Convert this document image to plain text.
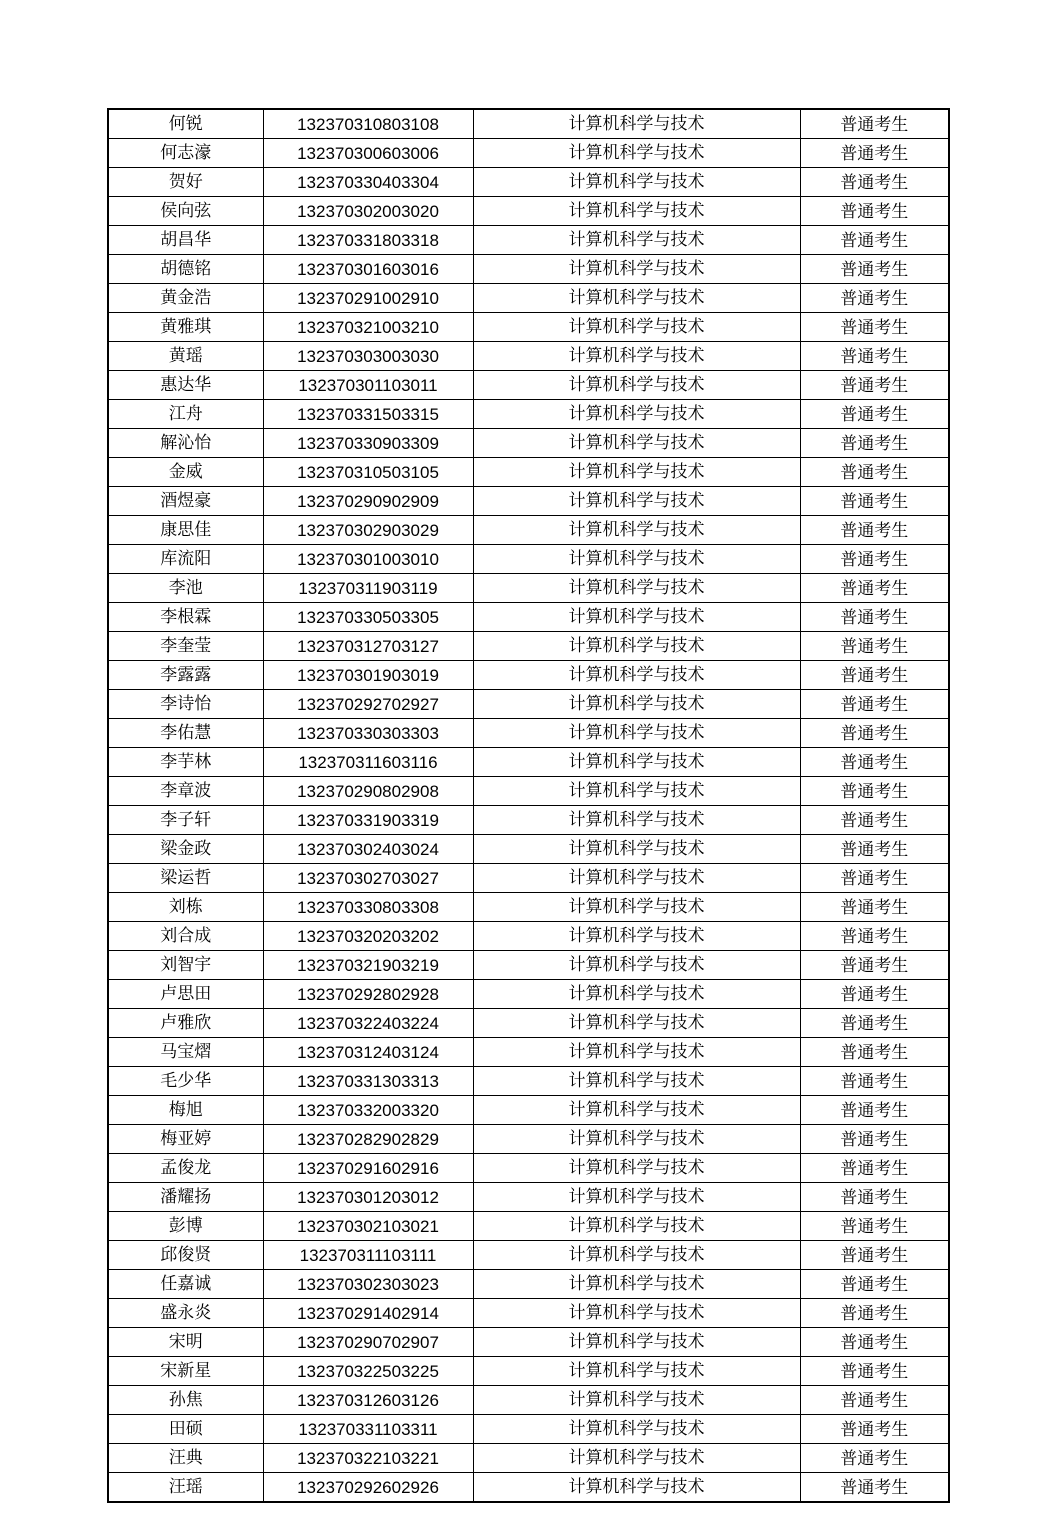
何锐	132370310803108	计算机科学与技术	普通考生
何志濠	132370300603006	计算机科学与技术	普通考生
贺好	132370330403304	计算机科学与技术	普通考生
侯向弦	132370302003020	计算机科学与技术	普通考生
胡昌华	132370331803318	计算机科学与技术	普通考生
胡德铭	132370301603016	计算机科学与技术	普通考生
黄金浩	132370291002910	计算机科学与技术	普通考生
黄雅琪	132370321003210	计算机科学与技术	普通考生
黄瑶	132370303003030	计算机科学与技术	普通考生
惠达华	132370301103011	计算机科学与技术	普通考生
江舟	132370331503315	计算机科学与技术	普通考生
解沁怡	132370330903309	计算机科学与技术	普通考生
金威	132370310503105	计算机科学与技术	普通考生
酒煜豪	132370290902909	计算机科学与技术	普通考生
康思佳	132370302903029	计算机科学与技术	普通考生
库流阳	132370301003010	计算机科学与技术	普通考生
李池	132370311903119	计算机科学与技术	普通考生
李根霖	132370330503305	计算机科学与技术	普通考生
李奎莹	132370312703127	计算机科学与技术	普通考生
李露露	132370301903019	计算机科学与技术	普通考生
李诗怡	132370292702927	计算机科学与技术	普通考生
李佑慧	132370330303303	计算机科学与技术	普通考生
李芋林	132370311603116	计算机科学与技术	普通考生
李章波	132370290802908	计算机科学与技术	普通考生
李子轩	132370331903319	计算机科学与技术	普通考生
梁金政	132370302403024	计算机科学与技术	普通考生
梁运哲	132370302703027	计算机科学与技术	普通考生
刘栋	132370330803308	计算机科学与技术	普通考生
刘合成	132370320203202	计算机科学与技术	普通考生
刘智宇	132370321903219	计算机科学与技术	普通考生
卢思田	132370292802928	计算机科学与技术	普通考生
卢雅欣	132370322403224	计算机科学与技术	普通考生
马宝熠	132370312403124	计算机科学与技术	普通考生
毛少华	132370331303313	计算机科学与技术	普通考生
梅旭	132370332003320	计算机科学与技术	普通考生
梅亚婷	132370282902829	计算机科学与技术	普通考生
孟俊龙	132370291602916	计算机科学与技术	普通考生
潘耀扬	132370301203012	计算机科学与技术	普通考生
彭博	132370302103021	计算机科学与技术	普通考生
邱俊贤	132370311103111	计算机科学与技术	普通考生
任嘉诚	132370302303023	计算机科学与技术	普通考生
盛永炎	132370291402914	计算机科学与技术	普通考生
宋明	132370290702907	计算机科学与技术	普通考生
宋新星	132370322503225	计算机科学与技术	普通考生
孙焦	132370312603126	计算机科学与技术	普通考生
田硕	132370331103311	计算机科学与技术	普通考生
汪典	132370322103221	计算机科学与技术	普通考生
汪瑶	132370292602926	计算机科学与技术	普通考生
